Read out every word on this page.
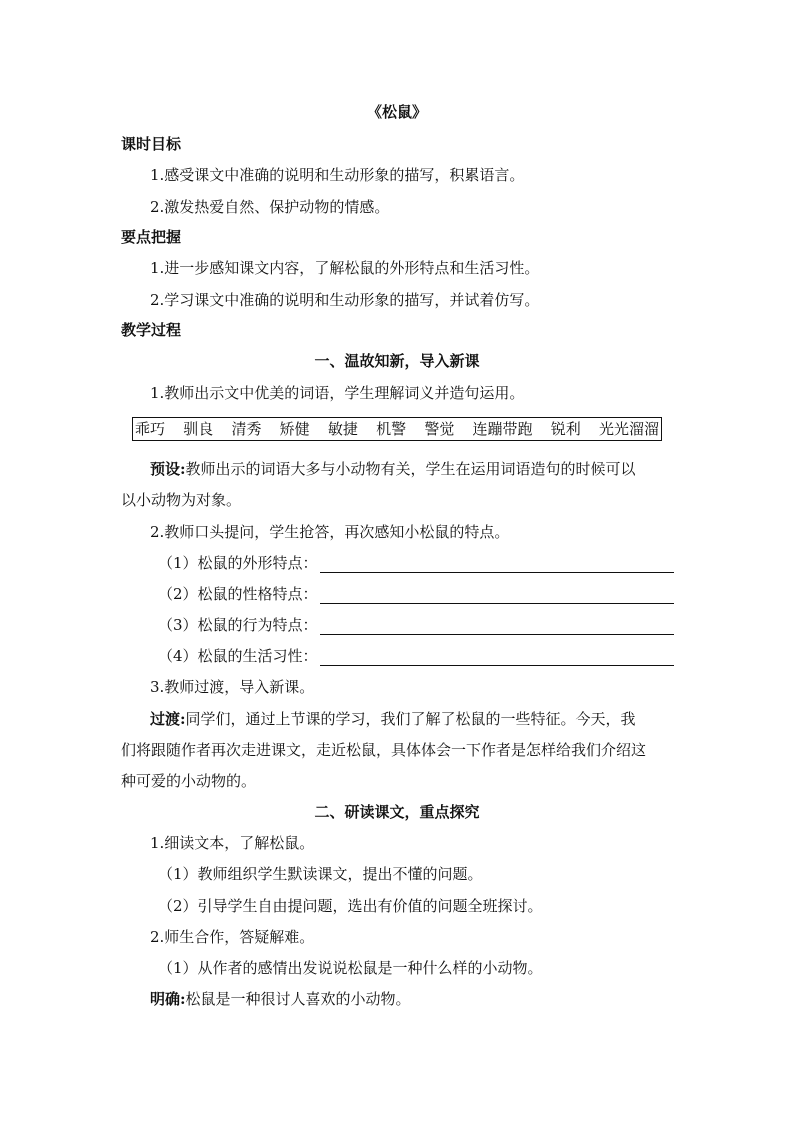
《松鼠》
课时目标
1.感受课文中准确的说明和生动形象的描写，积累语言。
2.激发热爱自然、保护动物的情感。
要点把握
1.进一步感知课文内容，了解松鼠的外形特点和生活习性。
2.学习课文中准确的说明和生动形象的描写，并试着仿写。
教学过程
一、温故知新，导入新课
1.教师出示文中优美的词语，学生理解词义并造句运用。
乖巧 驯良 清秀 矫健 敏捷 机警 警觉 连蹦带跑 锐利 光光溜溜
预设:教师出示的词语大多与小动物有关，学生在运用词语造句的时候可以
以小动物为对象。
2.教师口头提问，学生抢答，再次感知小松鼠的特点。
（1）松鼠的外形特点：
（2）松鼠的性格特点：
（3）松鼠的行为特点：
（4）松鼠的生活习性：
3.教师过渡，导入新课。
过渡:同学们，通过上节课的学习，我们了解了松鼠的一些特征。今天，我
们将跟随作者再次走进课文，走近松鼠，具体体会一下作者是怎样给我们介绍这
种可爱的小动物的。
二、研读课文，重点探究
1.细读文本，了解松鼠。
（1）教师组织学生默读课文，提出不懂的问题。
（2）引导学生自由提问题，选出有价值的问题全班探讨。
2.师生合作，答疑解难。
（1）从作者的感情出发说说松鼠是一种什么样的小动物。
明确:松鼠是一种很讨人喜欢的小动物。
